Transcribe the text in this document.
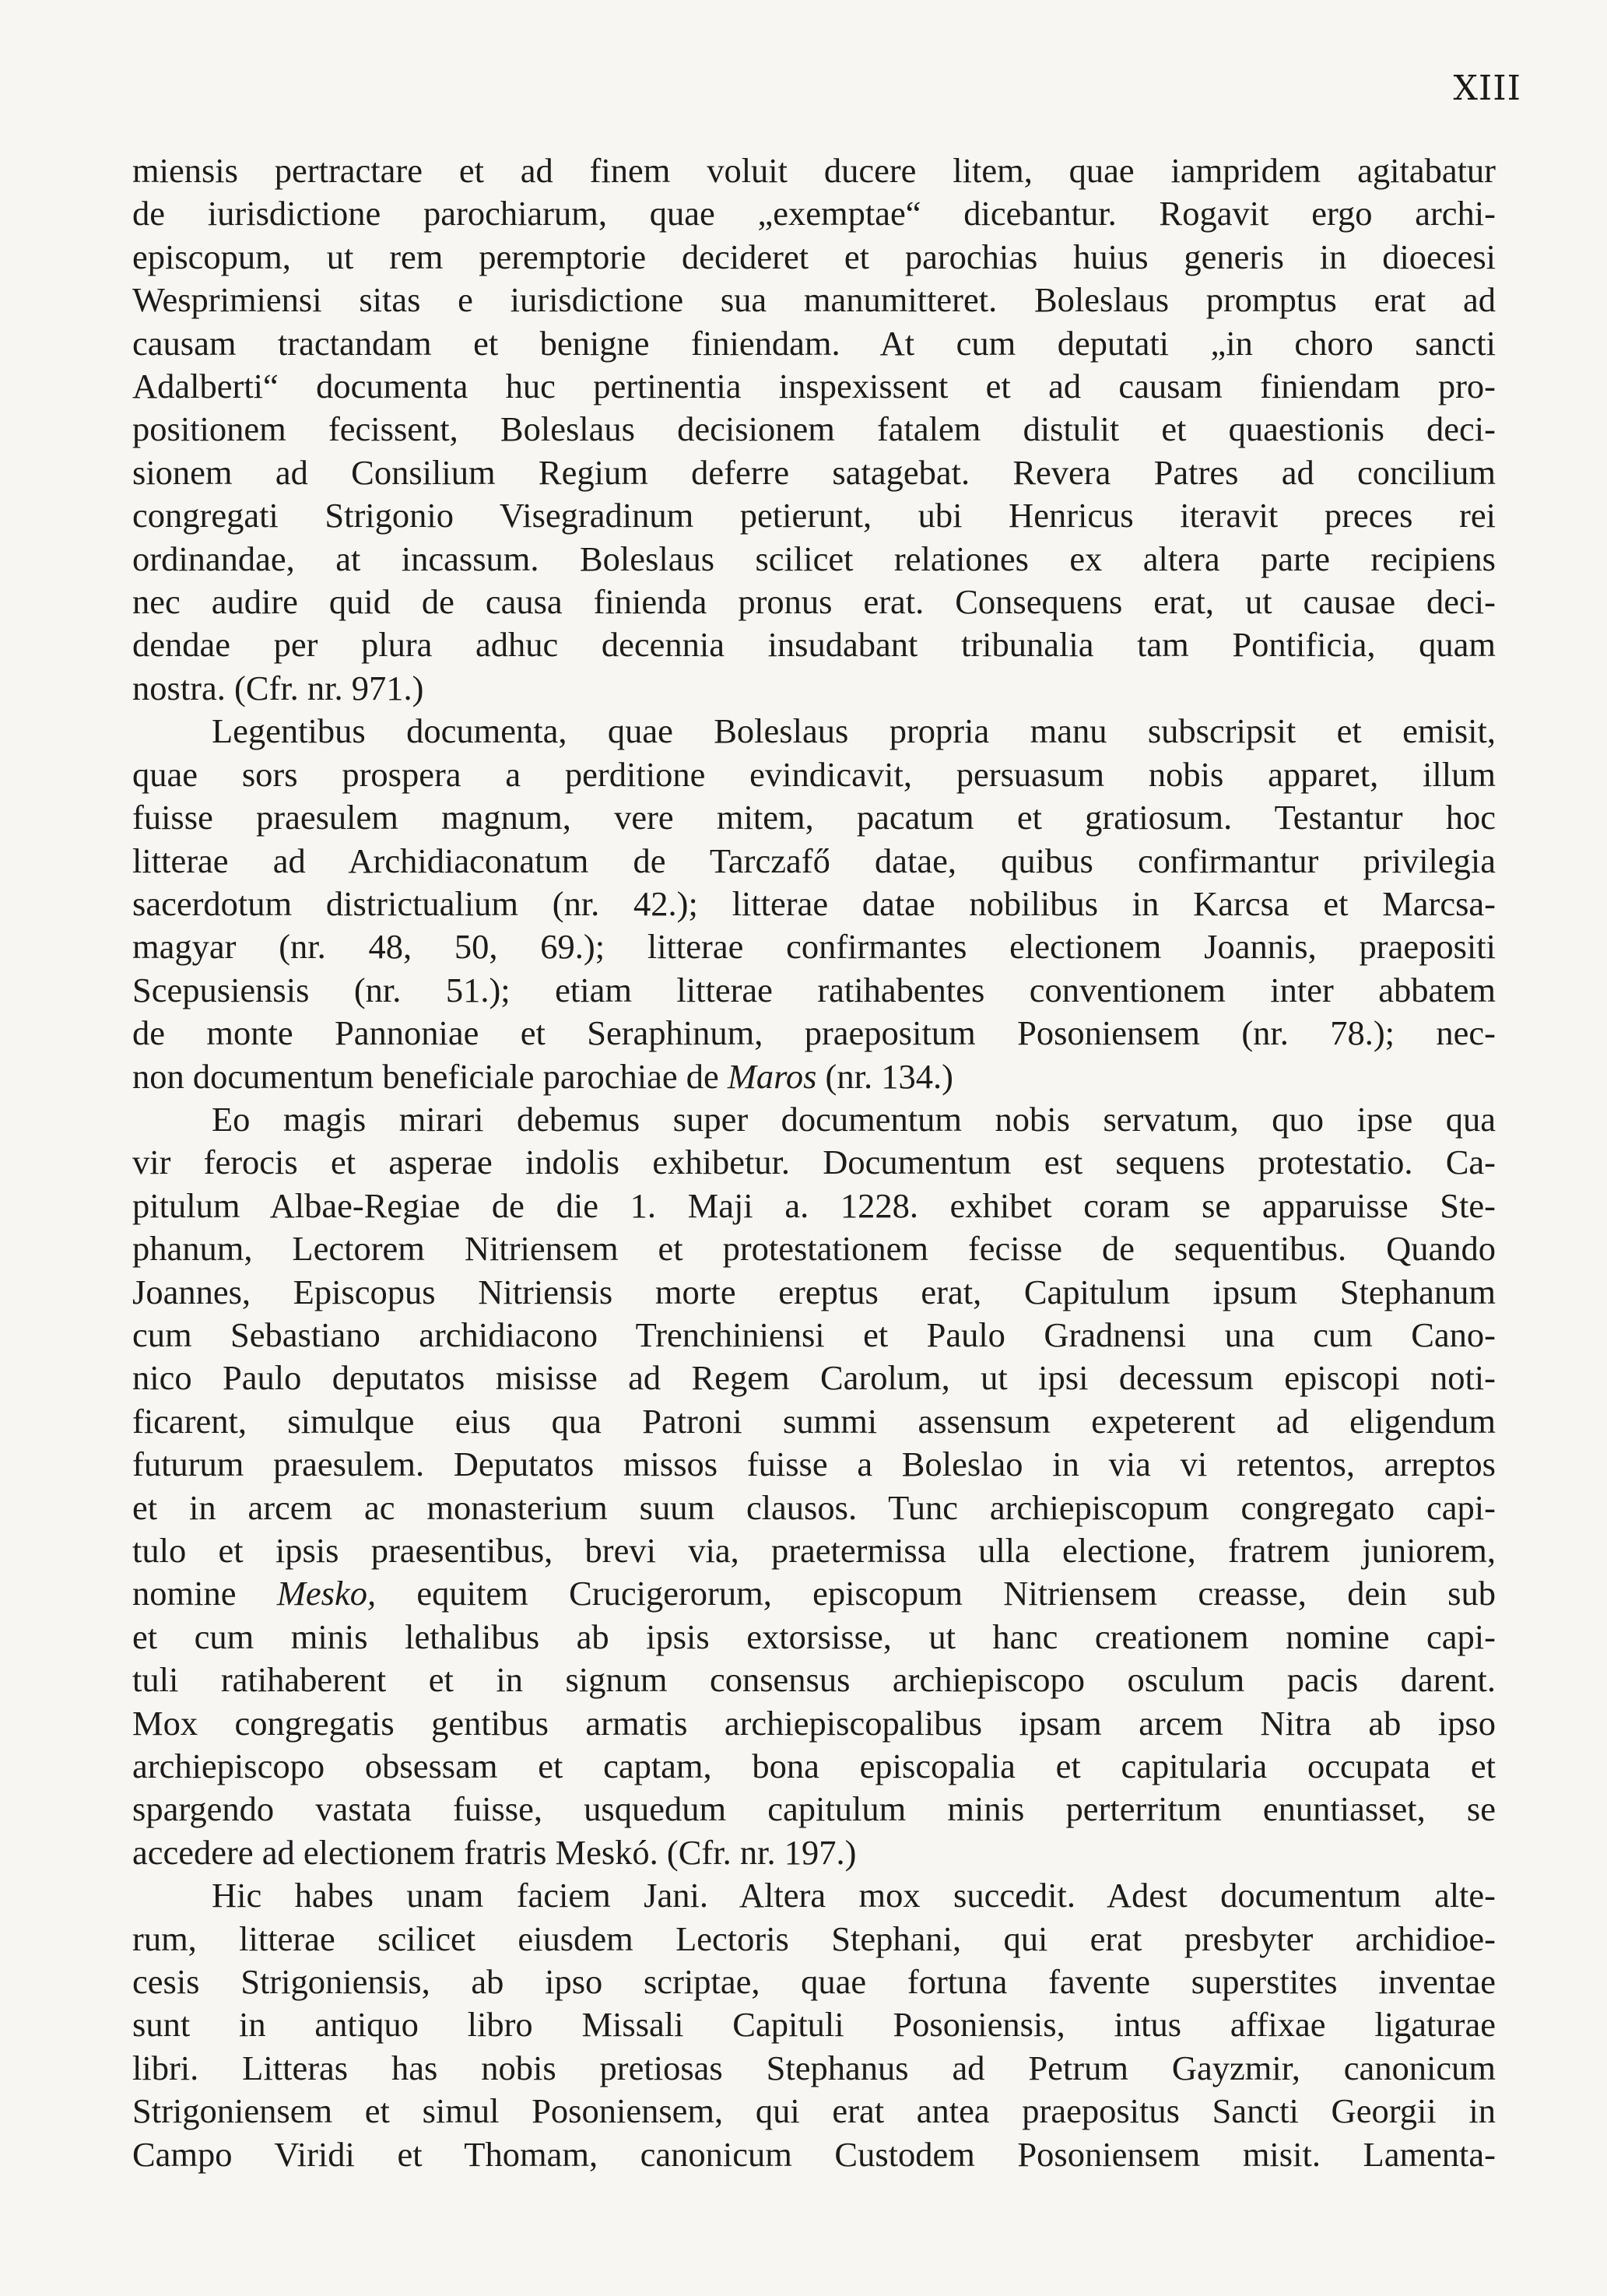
XIII
miensis pertractare et ad finem voluit ducere litem, quae iampridem agitabatur
de iurisdictione parochiarum, quae „exemptae“ dicebantur. Rogavit ergo archi-
episcopum, ut rem peremptorie decideret et parochias huius generis in dioecesi
Wesprimiensi sitas e iurisdictione sua manumitteret. Boleslaus promptus erat ad
causam tractandam et benigne finiendam. At cum deputati „in choro sancti
Adalberti“ documenta huc pertinentia inspexissent et ad causam finiendam pro-
positionem fecissent, Boleslaus decisionem fatalem distulit et quaestionis deci-
sionem ad Consilium Regium deferre satagebat. Revera Patres ad concilium
congregati Strigonio Visegradinum petierunt, ubi Henricus iteravit preces rei
ordinandae, at incassum. Boleslaus scilicet relationes ex altera parte recipiens
nec audire quid de causa finienda pronus erat. Consequens erat, ut causae deci-
dendae per plura adhuc decennia insudabant tribunalia tam Pontificia, quam
nostra. (Cfr. nr. 971.)
Legentibus documenta, quae Boleslaus propria manu subscripsit et emisit,
quae sors prospera a perditione evindicavit, persuasum nobis apparet, illum
fuisse praesulem magnum, vere mitem, pacatum et gratiosum. Testantur hoc
litterae ad Archidiaconatum de Tarczafő datae, quibus confirmantur privilegia
sacerdotum districtualium (nr. 42.); litterae datae nobilibus in Karcsa et Marcsa-
magyar (nr. 48, 50, 69.); litterae confirmantes electionem Joannis, praepositi
Scepusiensis (nr. 51.); etiam litterae ratihabentes conventionem inter abbatem
de monte Pannoniae et Seraphinum, praepositum Posoniensem (nr. 78.); nec-
non documentum beneficiale parochiae de Maros (nr. 134.)
Eo magis mirari debemus super documentum nobis servatum, quo ipse qua
vir ferocis et asperae indolis exhibetur. Documentum est sequens protestatio. Ca-
pitulum Albae-Regiae de die 1. Maji a. 1228. exhibet coram se apparuisse Ste-
phanum, Lectorem Nitriensem et protestationem fecisse de sequentibus. Quando
Joannes, Episcopus Nitriensis morte ereptus erat, Capitulum ipsum Stephanum
cum Sebastiano archidiacono Trenchiniensi et Paulo Gradnensi una cum Cano-
nico Paulo deputatos misisse ad Regem Carolum, ut ipsi decessum episcopi noti-
ficarent, simulque eius qua Patroni summi assensum expeterent ad eligendum
futurum praesulem. Deputatos missos fuisse a Boleslao in via vi retentos, arreptos
et in arcem ac monasterium suum clausos. Tunc archiepiscopum congregato capi-
tulo et ipsis praesentibus, brevi via, praetermissa ulla electione, fratrem juniorem,
nomine Mesko, equitem Crucigerorum, episcopum Nitriensem creasse, dein sub
et cum minis lethalibus ab ipsis extorsisse, ut hanc creationem nomine capi-
tuli ratihaberent et in signum consensus archiepiscopo osculum pacis darent.
Mox congregatis gentibus armatis archiepiscopalibus ipsam arcem Nitra ab ipso
archiepiscopo obsessam et captam, bona episcopalia et capitularia occupata et
spargendo vastata fuisse, usquedum capitulum minis perterritum enuntiasset, se
accedere ad electionem fratris Meskó. (Cfr. nr. 197.)
Hic habes unam faciem Jani. Altera mox succedit. Adest documentum alte-
rum, litterae scilicet eiusdem Lectoris Stephani, qui erat presbyter archidioe-
cesis Strigoniensis, ab ipso scriptae, quae fortuna favente superstites inventae
sunt in antiquo libro Missali Capituli Posoniensis, intus affixae ligaturae
libri. Litteras has nobis pretiosas Stephanus ad Petrum Gayzmir, canonicum
Strigoniensem et simul Posoniensem, qui erat antea praepositus Sancti Georgii in
Campo Viridi et Thomam, canonicum Custodem Posoniensem misit. Lamenta-
